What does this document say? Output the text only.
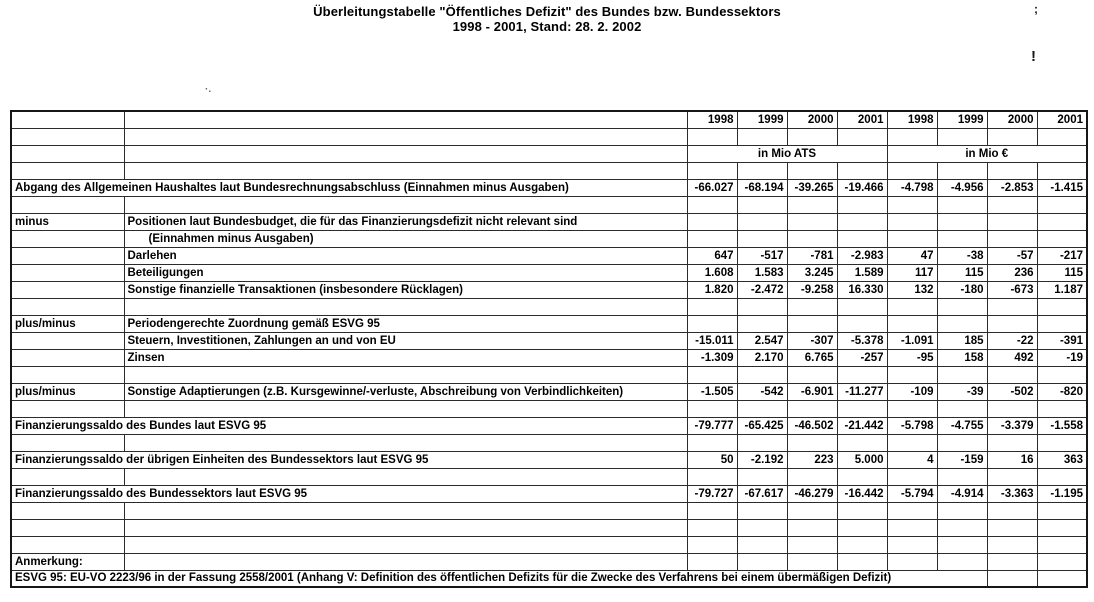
Überleitungstabelle "Öffentliches Defizit" des Bundes bzw. Bundessektors
1998 - 2001, Stand: 28. 2. 2002
;
!
·.
		1998	1999	2000	2001	1998	1999	2000	2001

		in Mio ATS				in Mio €			

Abgang des Allgemeinen Haushaltes laut Bundesrechnungsabschluss (Einnahmen minus Ausgaben)		-66.027	-68.194	-39.265	-19.466	-4.798	-4.956	-2.853	-1.415

minus	Positionen laut Bundesbudget, die für das Finanzierungsdefizit nicht relevant sind								
	(Einnahmen minus Ausgaben)								
	Darlehen	647	-517	-781	-2.983	47	-38	-57	-217
	Beteiligungen	1.608	1.583	3.245	1.589	117	115	236	115
	Sonstige finanzielle Transaktionen (insbesondere Rücklagen)	1.820	-2.472	-9.258	16.330	132	-180	-673	1.187

plus/minus	Periodengerechte Zuordnung gemäß ESVG 95								
	Steuern, Investitionen, Zahlungen an und von EU	-15.011	2.547	-307	-5.378	-1.091	185	-22	-391
	Zinsen	-1.309	2.170	6.765	-257	-95	158	492	-19

plus/minus	Sonstige Adaptierungen (z.B. Kursgewinne/-verluste, Abschreibung von Verbindlichkeiten)	-1.505	-542	-6.901	-11.277	-109	-39	-502	-820

Finanzierungssaldo des Bundes laut ESVG 95		-79.777	-65.425	-46.502	-21.442	-5.798	-4.755	-3.379	-1.558

Finanzierungssaldo der übrigen Einheiten des Bundessektors laut ESVG 95		50	-2.192	223	5.000	4	-159	16	363

Finanzierungssaldo des Bundessektors laut ESVG 95		-79.727	-67.617	-46.279	-16.442	-5.794	-4.914	-3.363	-1.195

Anmerkung:									
ESVG 95: EU-VO 2223/96 in der Fassung 2558/2001 (Anhang V: Definition des öffentlichen Defizits für die Zwecke des Verfahrens bei einem übermäßigen Defizit)									
